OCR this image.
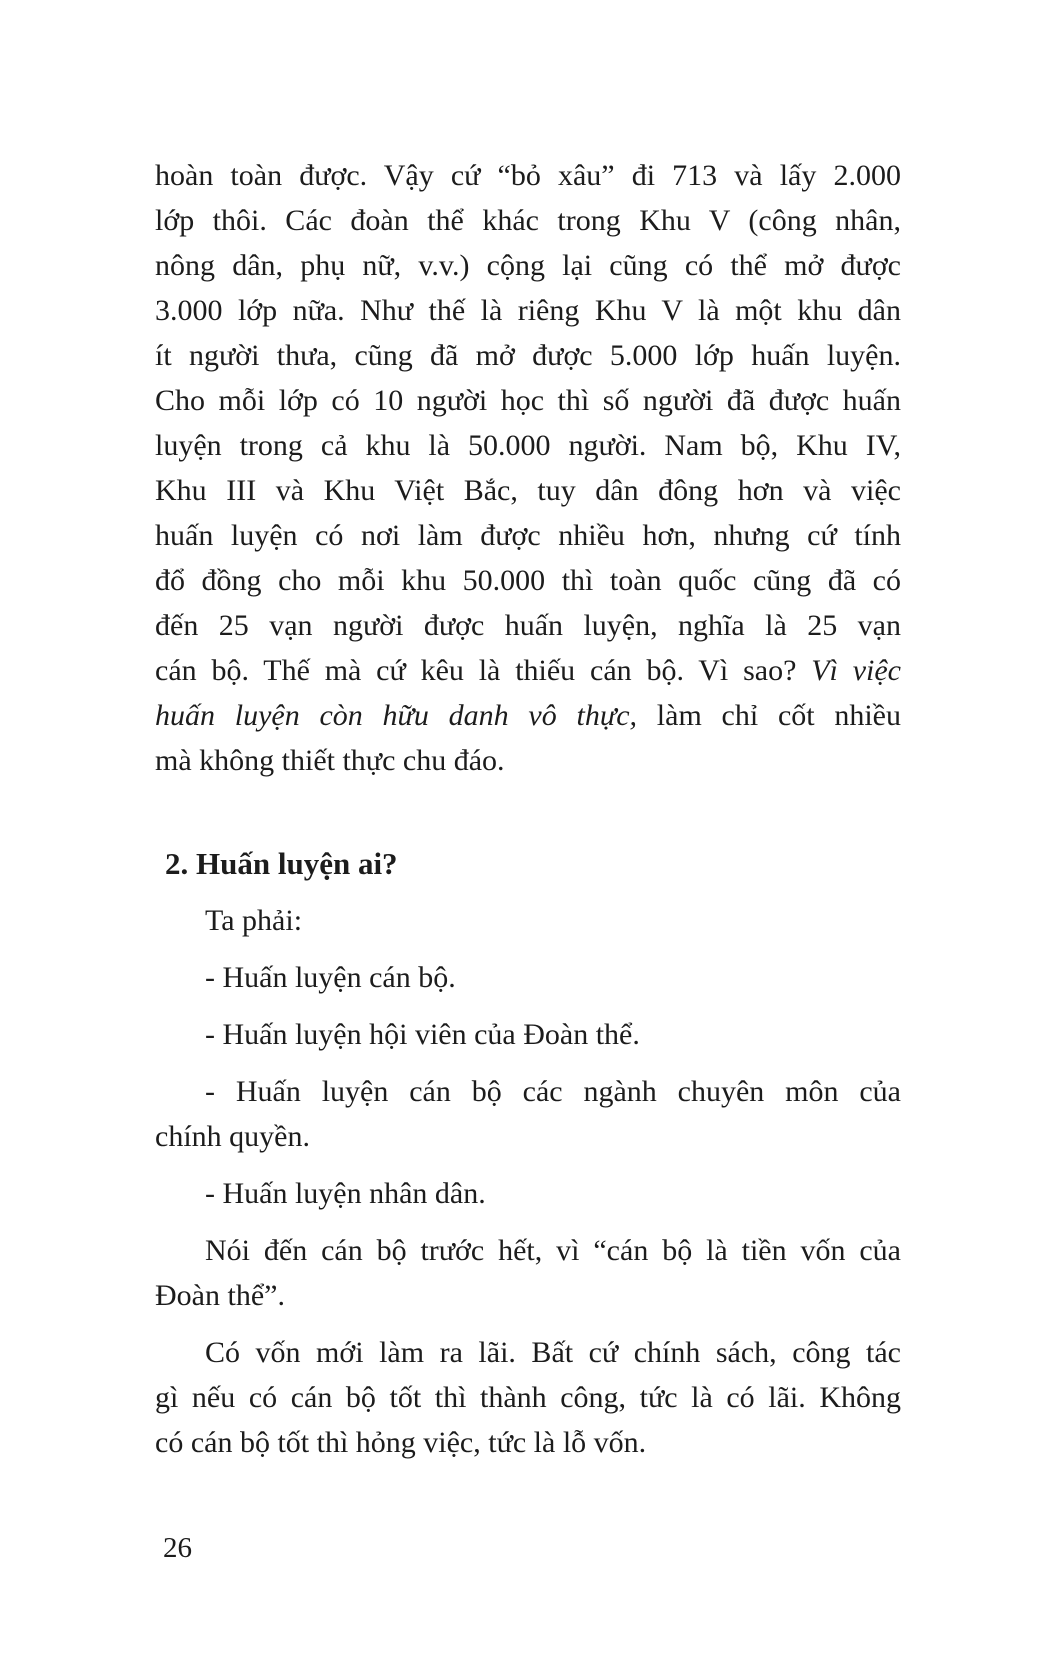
hoàn toàn được. Vậy cứ “bỏ xâu” đi 713 và lấy 2.000
lớp thôi. Các đoàn thể khác trong Khu V (công nhân,
nông dân, phụ nữ, v.v.) cộng lại cũng có thể mở được
3.000 lớp nữa. Như thế là riêng Khu V là một khu dân
ít người thưa, cũng đã mở được 5.000 lớp huấn luyện.
Cho mỗi lớp có 10 người học thì số người đã được huấn
luyện trong cả khu là 50.000 người. Nam bộ, Khu IV,
Khu III và Khu Việt Bắc, tuy dân đông hơn và việc
huấn luyện có nơi làm được nhiều hơn, nhưng cứ tính
đổ đồng cho mỗi khu 50.000 thì toàn quốc cũng đã có
đến 25 vạn người được huấn luyện, nghĩa là 25 vạn
cán bộ. Thế mà cứ kêu là thiếu cán bộ. Vì sao? Vì việc
huấn luyện còn hữu danh vô thực, làm chỉ cốt nhiều
mà không thiết thực chu đáo.
2. Huấn luyện ai?
Ta phải:
- Huấn luyện cán bộ.
- Huấn luyện hội viên của Đoàn thể.
- Huấn luyện cán bộ các ngành chuyên môn của
chính quyền.
- Huấn luyện nhân dân.
Nói đến cán bộ trước hết, vì “cán bộ là tiền vốn của
Đoàn thể”.
Có vốn mới làm ra lãi. Bất cứ chính sách, công tác
gì nếu có cán bộ tốt thì thành công, tức là có lãi. Không
có cán bộ tốt thì hỏng việc, tức là lỗ vốn.
26
